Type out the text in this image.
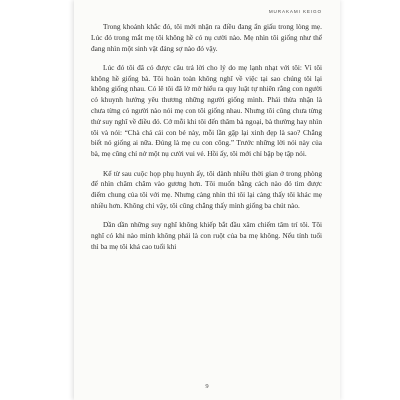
MURAKAMI KEIGO

Trong khoảnh khắc đó, tôi mới nhận ra điều đang ẩn giấu trong lòng mẹ. Lúc đó trong mắt mẹ tôi không hề có nụ cười nào. Mẹ nhìn tôi giống như thể đang nhìn một sinh vật đáng sợ nào đó vậy.

Lúc đó tôi đã có được câu trả lời cho lý do mẹ lạnh nhạt với tôi: Vì tôi không hề giống bà. Tôi hoàn toàn không nghĩ về việc tại sao chúng tôi lại không giống nhau. Có lẽ tôi đã lờ mờ hiểu ra quy luật tự nhiên rằng con người có khuynh hướng yêu thương những người giống mình. Phải thừa nhận là chưa từng có người nào nói mẹ con tôi giống nhau. Nhưng tôi cũng chưa từng thử suy nghĩ về điều đó. Cớ mỗi khi tôi đến thăm bà ngoại, bà thường hay nhìn tôi và nói: “Chà chá cái con bé này, mỗi lần gặp lại xinh đẹp là sao? Chẳng biết nó giống ai nữa. Đúng là mẹ cu con công.” Trước những lời nói này của bà, mẹ cũng chỉ nở một nụ cười vui vẻ. Hồi ấy, tôi mới chỉ bập bẹ tập nói.

Kể từ sau cuộc họp phụ huynh ấy, tôi dành nhiều thời gian ở trong phòng để nhìn chăm chăm vào gương hơn. Tôi muốn bằng cách nào đó tìm được điểm chung của tôi với mẹ. Nhưng càng nhìn thì tôi lại càng thấy tôi khác mẹ nhiều hơn. Không chỉ vậy, tôi cũng chẳng thấy mình giống ba chút nào.

Dần dần những suy nghĩ không khiếp bắt đầu xâm chiếm tâm trí tôi. Tôi nghĩ có khi nào mình không phải là con ruột của ba mẹ không. Nếu tính tuổi thì ba mẹ tôi khá cao tuổi khi

9
